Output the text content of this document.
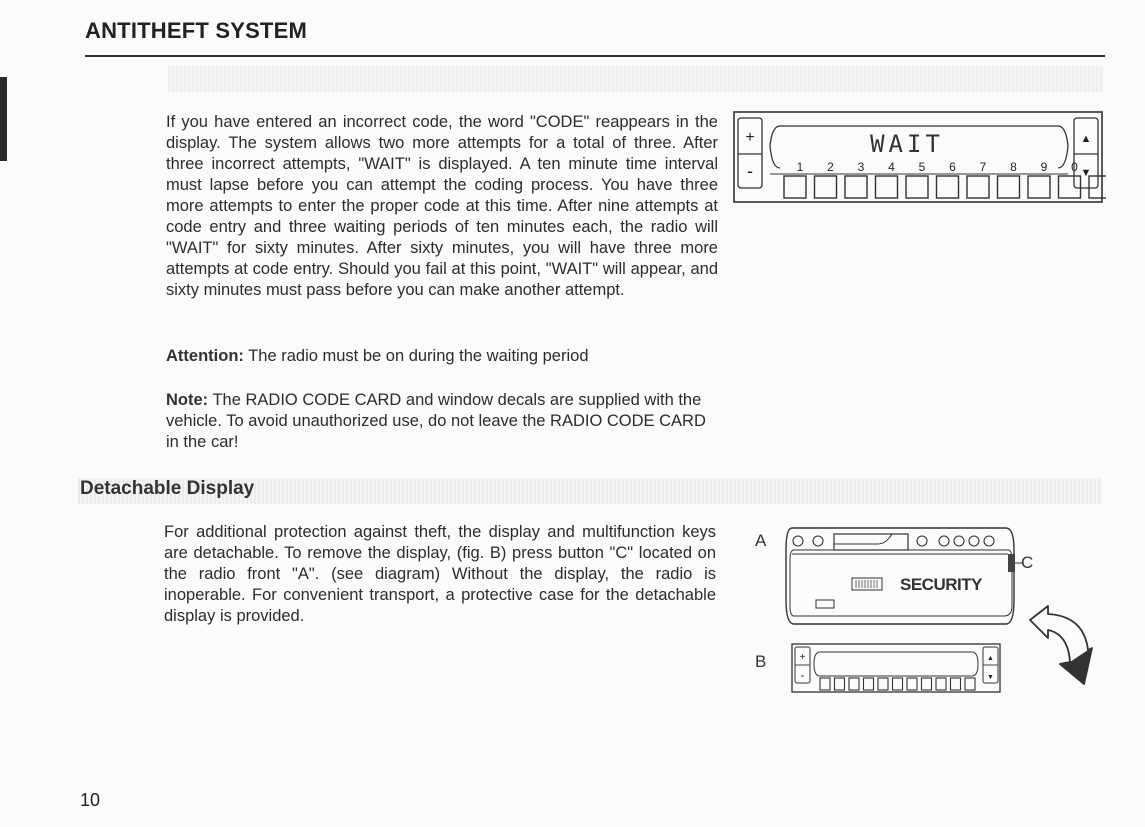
ANTITHEFT SYSTEM
If you have entered an incorrect code, the word "CODE" reappears in the display. The system allows two more attempts for a total of three. After three incorrect attempts, "WAIT" is displayed. A ten minute time interval must lapse before you can attempt the coding process. You have three more attempts to enter the proper code at this time. After nine attempts at code entry and three waiting periods of ten minutes each, the radio will "WAIT" for sixty minutes. After sixty minutes, you will have three more attempts at code entry. Should you fail at this point, "WAIT" will appear, and sixty minutes must pass before you can make another attempt.
Attention: The radio must be on during the waiting period
Note: The RADIO CODE CARD and window decals are supplied with the vehicle. To avoid unauthorized use, do not leave the RADIO CODE CARD in the car!
Detachable Display
For additional protection against theft, the display and multifunction keys are detachable. To remove the display, (fig. B) press button "C" located on the radio front "A". (see diagram) Without the display, the radio is inoperable. For convenient transport, a protective case for the detachable display is provided.
+
-
▲
▼
WAIT
1 2 3 4 5 6 7 8 9 0
A
B
C
SECURITY
+
-
▲
▼
10
